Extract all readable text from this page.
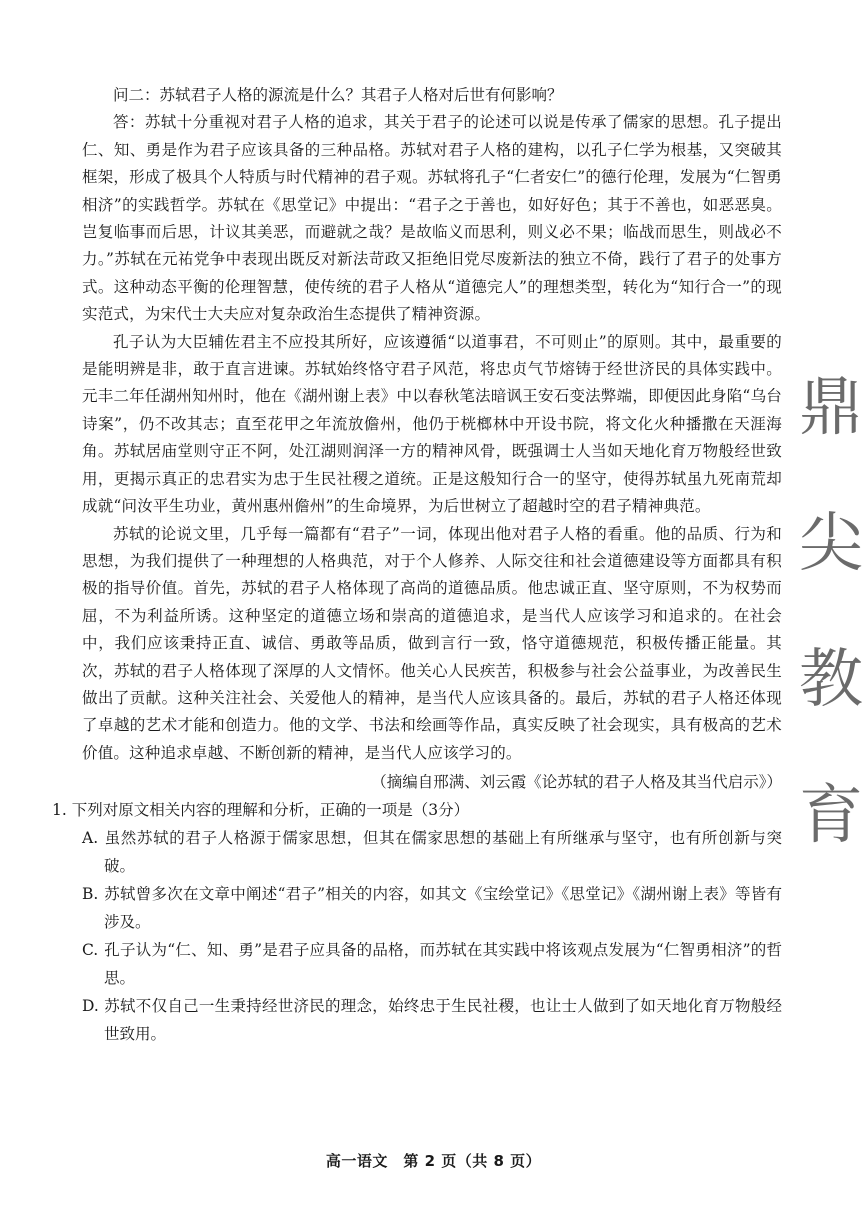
问二：苏轼君子人格的源流是什么？其君子人格对后世有何影响？

答：苏轼十分重视对君子人格的追求，其关于君子的论述可以说是传承了儒家的思想。孔子提出仁、知、勇是作为君子应该具备的三种品格。苏轼对君子人格的建构，以孔子仁学为根基，又突破其框架，形成了极具个人特质与时代精神的君子观。苏轼将孔子“仁者安仁”的德行伦理，发展为“仁智勇相济”的实践哲学。苏轼在《思堂记》中提出：“君子之于善也，如好好色；其于不善也，如恶恶臭。岂复临事而后思，计议其美恶，而避就之哉？是故临义而思利，则义必不果；临战而思生，则战必不力。”苏轼在元祐党争中表现出既反对新法苛政又拒绝旧党尽废新法的独立不倚，践行了君子的处事方式。这种动态平衡的伦理智慧，使传统的君子人格从“道德完人”的理想类型，转化为“知行合一”的现实范式，为宋代士大夫应对复杂政治生态提供了精神资源。

孔子认为大臣辅佐君主不应投其所好，应该遵循“以道事君，不可则止”的原则。其中，最重要的是能明辨是非，敢于直言进谏。苏轼始终恪守君子风范，将忠贞气节熔铸于经世济民的具体实践中。元丰二年任湖州知州时，他在《湖州谢上表》中以春秋笔法暗讽王安石变法弊端，即便因此身陷“乌台诗案”，仍不改其志；直至花甲之年流放儋州，他仍于桄榔林中开设书院，将文化火种播撒在天涯海角。苏轼居庙堂则守正不阿，处江湖则润泽一方的精神风骨，既强调士人当如天地化育万物般经世致用，更揭示真正的忠君实为忠于生民社稷之道统。正是这般知行合一的坚守，使得苏轼虽九死南荒却成就“问汝平生功业，黄州惠州儋州”的生命境界，为后世树立了超越时空的君子精神典范。

苏轼的论说文里，几乎每一篇都有“君子”一词，体现出他对君子人格的看重。他的品质、行为和思想，为我们提供了一种理想的人格典范，对于个人修养、人际交往和社会道德建设等方面都具有积极的指导价值。首先，苏轼的君子人格体现了高尚的道德品质。他忠诚正直、坚守原则，不为权势而屈，不为利益所诱。这种坚定的道德立场和崇高的道德追求，是当代人应该学习和追求的。在社会中，我们应该秉持正直、诚信、勇敢等品质，做到言行一致，恪守道德规范，积极传播正能量。其次，苏轼的君子人格体现了深厚的人文情怀。他关心人民疾苦，积极参与社会公益事业，为改善民生做出了贡献。这种关注社会、关爱他人的精神，是当代人应该具备的。最后，苏轼的君子人格还体现了卓越的艺术才能和创造力。他的文学、书法和绘画等作品，真实反映了社会现实，具有极高的艺术价值。这种追求卓越、不断创新的精神，是当代人应该学习的。

（摘编自邢满、刘云霞《论苏轼的君子人格及其当代启示》）

1. 下列对原文相关内容的理解和分析，正确的一项是（3分）

A. 虽然苏轼的君子人格源于儒家思想，但其在儒家思想的基础上有所继承与坚守，也有所创新与突破。

B. 苏轼曾多次在文章中阐述“君子”相关的内容，如其文《宝绘堂记》《思堂记》《湖州谢上表》等皆有涉及。

C. 孔子认为“仁、知、勇”是君子应具备的品格，而苏轼在其实践中将该观点发展为“仁智勇相济”的哲思。

D. 苏轼不仅自己一生秉持经世济民的理念，始终忠于生民社稷，也让士人做到了如天地化育万物般经世致用。

鼎
尖
教
育
高一语文　第 2 页（共 8 页）
